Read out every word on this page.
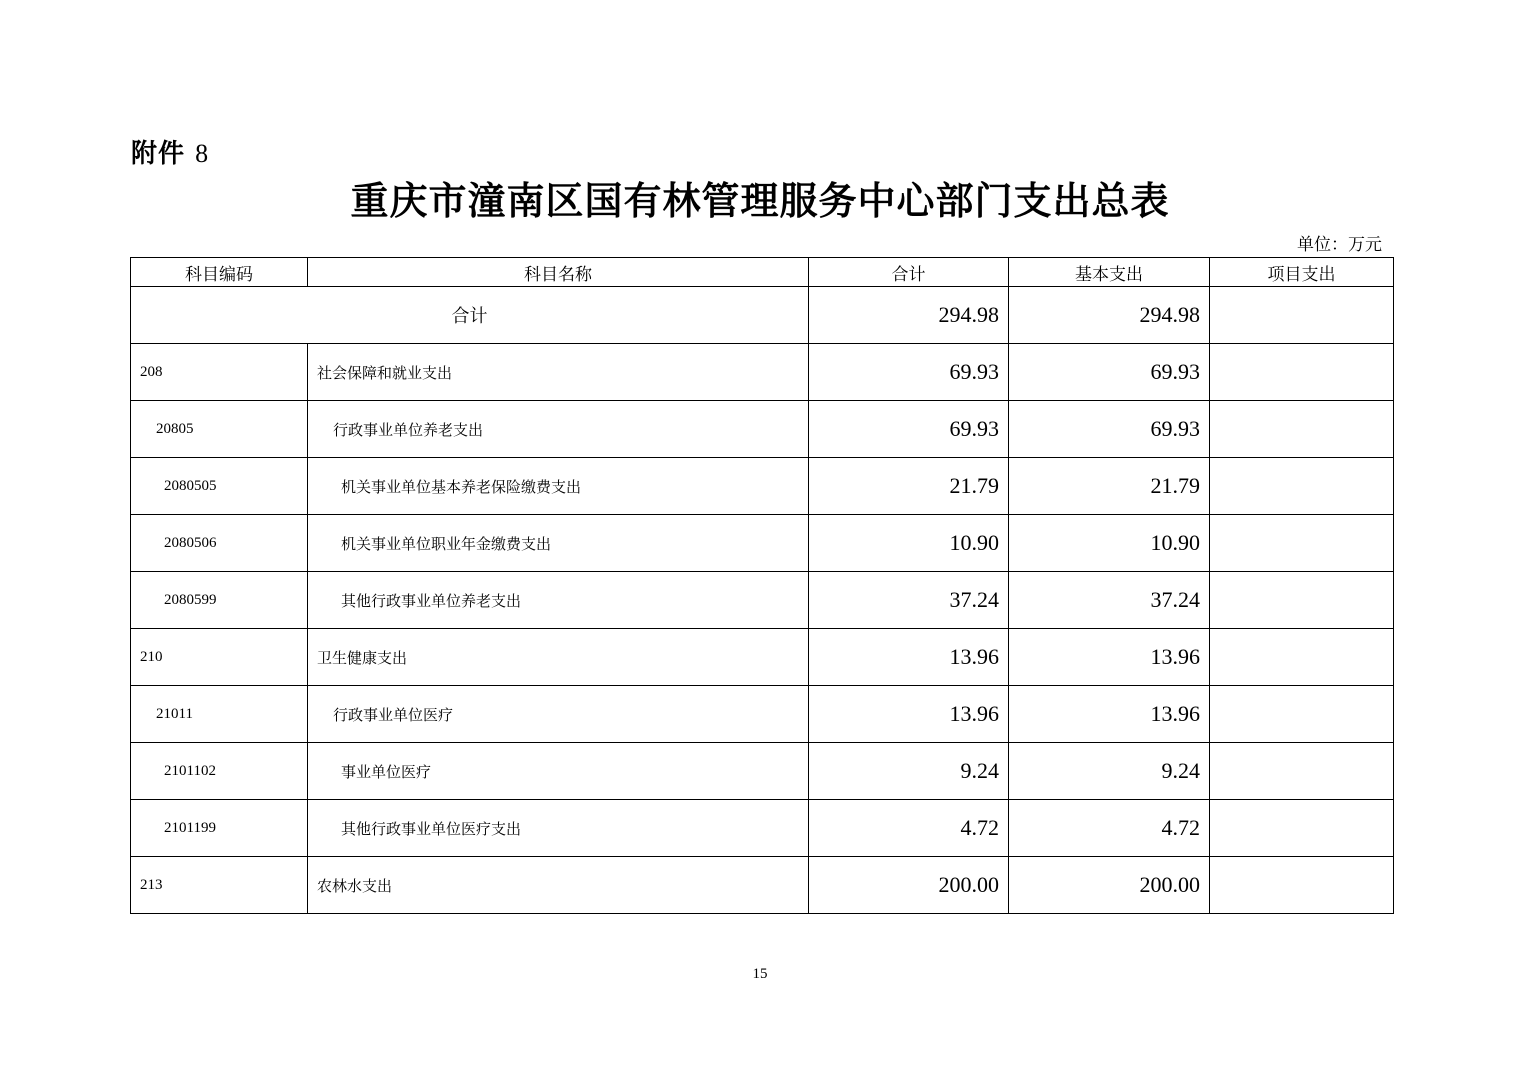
附件 8
重庆市潼南区国有林管理服务中心部门支出总表
单位：万元
科目编码	科目名称	合计	基本支出	项目支出
合计		294.98	294.98	
208	社会保障和就业支出	69.93	69.93	
20805	行政事业单位养老支出	69.93	69.93	
2080505	机关事业单位基本养老保险缴费支出	21.79	21.79	
2080506	机关事业单位职业年金缴费支出	10.90	10.90	
2080599	其他行政事业单位养老支出	37.24	37.24	
210	卫生健康支出	13.96	13.96	
21011	行政事业单位医疗	13.96	13.96	
2101102	事业单位医疗	9.24	9.24	
2101199	其他行政事业单位医疗支出	4.72	4.72	
213	农林水支出	200.00	200.00	
15
